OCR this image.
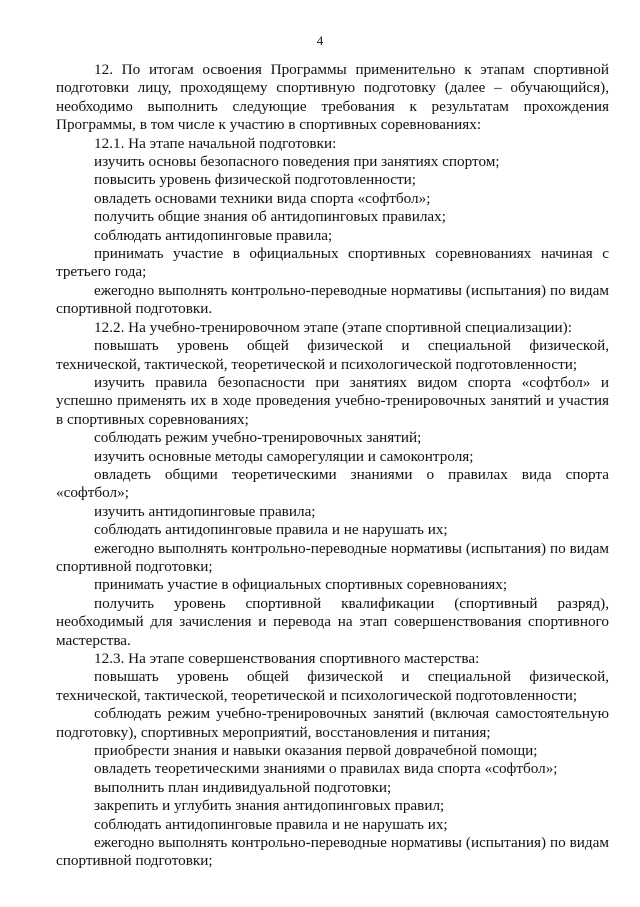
4

12. По итогам освоения Программы применительно к этапам спортивной подготовки лицу, проходящему спортивную подготовку (далее – обучающийся), необходимо выполнить следующие требования к результатам прохождения Программы, в том числе к участию в спортивных соревнованиях:

12.1. На этапе начальной подготовки:

изучить основы безопасного поведения при занятиях спортом;

повысить уровень физической подготовленности;

овладеть основами техники вида спорта «софтбол»;

получить общие знания об антидопинговых правилах;

соблюдать антидопинговые правила;

принимать участие в официальных спортивных соревнованиях начиная с третьего года;

ежегодно выполнять контрольно-переводные нормативы (испытания) по видам спортивной подготовки.

12.2. На учебно-тренировочном этапе (этапе спортивной специализации):

повышать уровень общей физической и специальной физической, технической, тактической, теоретической и психологической подготовленности;

изучить правила безопасности при занятиях видом спорта «софтбол» и успешно применять их в ходе проведения учебно-тренировочных занятий и участия в спортивных соревнованиях;

соблюдать режим учебно-тренировочных занятий;

изучить основные методы саморегуляции и самоконтроля;

овладеть общими теоретическими знаниями о правилах вида спорта «софтбол»;

изучить антидопинговые правила;

соблюдать антидопинговые правила и не нарушать их;

ежегодно выполнять контрольно-переводные нормативы (испытания) по видам спортивной подготовки;

принимать участие в официальных спортивных соревнованиях;

получить уровень спортивной квалификации (спортивный разряд), необходимый для зачисления и перевода на этап совершенствования спортивного мастерства.

12.3. На этапе совершенствования спортивного мастерства:

повышать уровень общей физической и специальной физической, технической, тактической, теоретической и психологической подготовленности;

соблюдать режим учебно-тренировочных занятий (включая самостоятельную подготовку), спортивных мероприятий, восстановления и питания;

приобрести знания и навыки оказания первой доврачебной помощи;

овладеть теоретическими знаниями о правилах вида спорта «софтбол»;

выполнить план индивидуальной подготовки;

закрепить и углубить знания антидопинговых правил;

соблюдать антидопинговые правила и не нарушать их;

ежегодно выполнять контрольно-переводные нормативы (испытания) по видам спортивной подготовки;
